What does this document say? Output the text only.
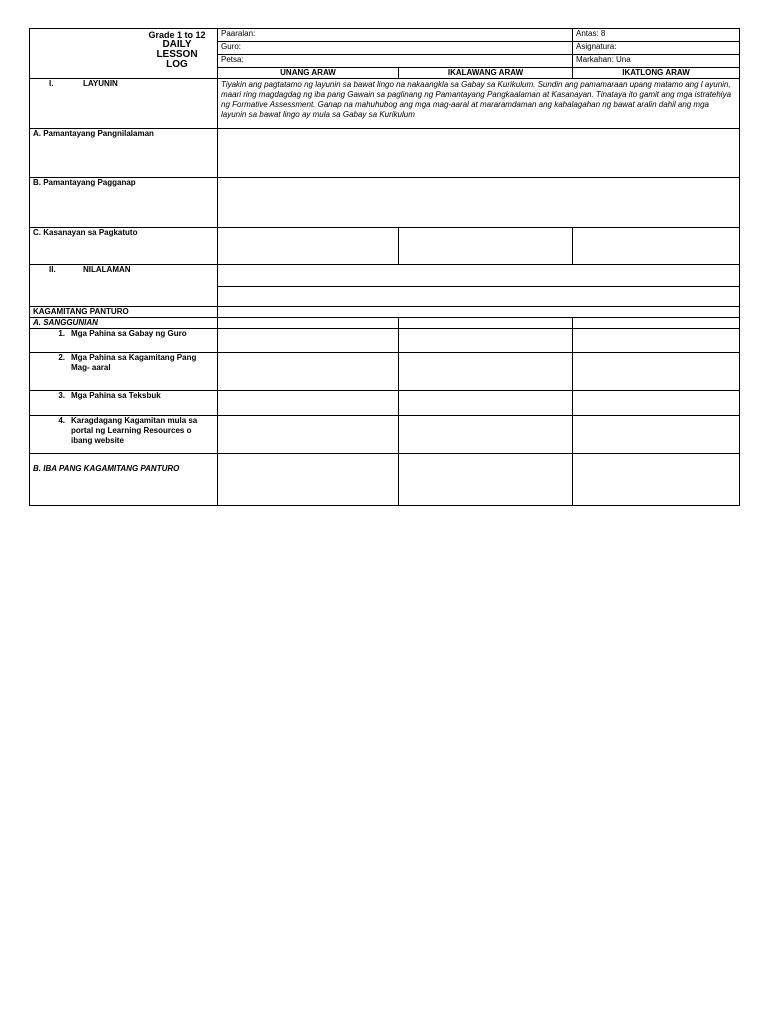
Grade 1 to 12
DAILY
LESSON
LOG	Paaralan:		Antas: 8
	Guro:		Asignatura:
	Petsa:		Markahan: Una
	UNANG ARAW	IKALAWANG ARAW	IKATLONG ARAW
I. LAYUNIN	Tiyakin ang pagtatamo ng layunin sa bawat lingo na nakaangkla sa Gabay sa Kurikulum. Sundin ang pamamaraan upang matamo ang l ayunin, maari ring magdagdag ng iba pang Gawain sa paglinang ng Pamantayang Pangkaalaman at Kasanayan. Tinataya ito gamit ang mga istratehiya ng Formative Assessment. Ganap na mahuhubog ang mga mag-aaral at mararamdaman ang kahalagahan ng bawat aralin dahil ang mga layunin sa bawat lingo ay mula sa Gabay sa Kurikulum		
A. Pamantayang Pangnilalaman			
B. Pamantayang Pagganap			
C. Kasanayan sa Pagkatuto			
II. NILALAMAN			

KAGAMITANG PANTURO			
A. SANGGUNIAN			

1. Mga Pahina sa Gabay ng Guro			

2. Mga Pahina sa Kagamitang Pang Mag- aaral			

3. Mga Pahina sa Teksbuk			

4. Karagdagang Kagamitan mula sa portal ng Learning Resources o ibang website			

B. IBA PANG KAGAMITANG PANTURO			
